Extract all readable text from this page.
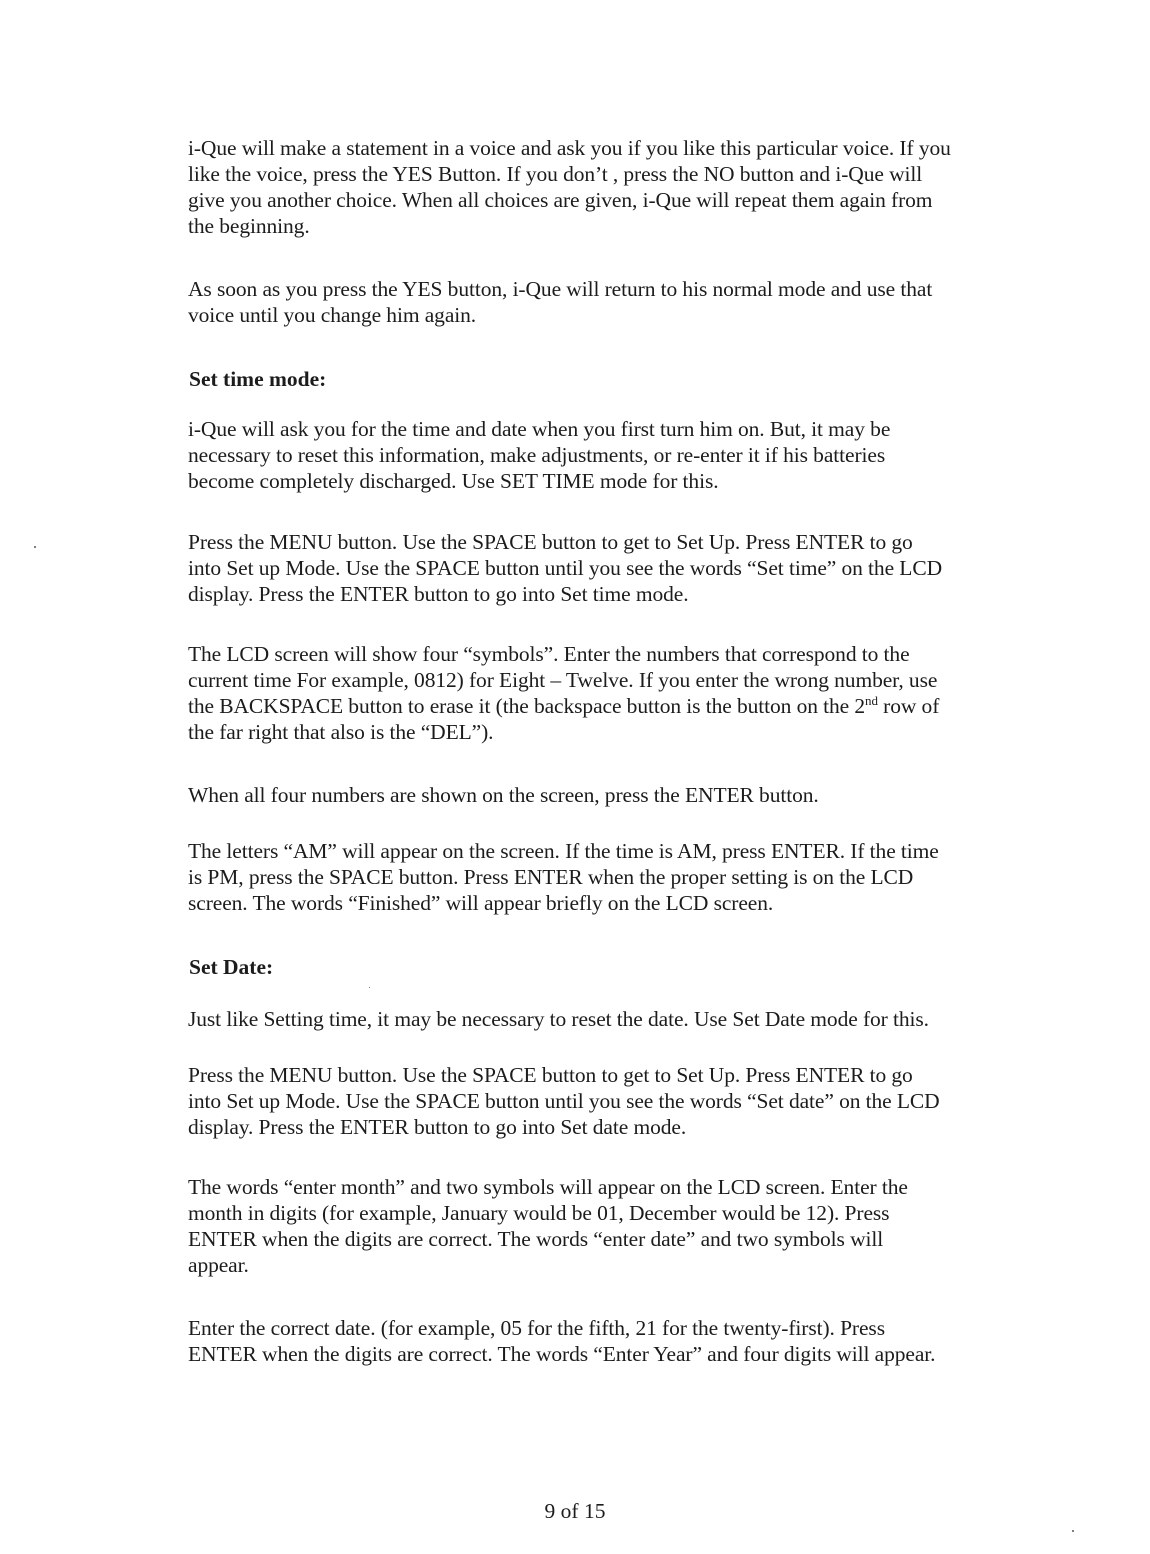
i-Que will make a statement in a voice and ask you if you like this particular voice. If you
like the voice, press the YES Button. If you don’t , press the NO button and i-Que will
give you another choice. When all choices are given, i-Que will repeat them again from
the beginning.

As soon as you press the YES button, i-Que will return to his normal mode and use that
voice until you change him again.

Set time mode:

i-Que will ask you for the time and date when you first turn him on. But, it may be
necessary to reset this information, make adjustments, or re-enter it if his batteries
become completely discharged. Use SET TIME mode for this.

Press the MENU button. Use the SPACE button to get to Set Up. Press ENTER to go
into Set up Mode. Use the SPACE button until you see the words “Set time” on the LCD
display. Press the ENTER button to go into Set time mode.

The LCD screen will show four “symbols”. Enter the numbers that correspond to the
current time For example, 0812) for Eight – Twelve. If you enter the wrong number, use
the BACKSPACE button to erase it (the backspace button is the button on the 2nd row of
the far right that also is the “DEL”).

When all four numbers are shown on the screen, press the ENTER button.

The letters “AM” will appear on the screen. If the time is AM, press ENTER. If the time
is PM, press the SPACE button. Press ENTER when the proper setting is on the LCD
screen. The words “Finished” will appear briefly on the LCD screen.

Set Date:

Just like Setting time, it may be necessary to reset the date. Use Set Date mode for this.

Press the MENU button. Use the SPACE button to get to Set Up. Press ENTER to go
into Set up Mode. Use the SPACE button until you see the words “Set date” on the LCD
display. Press the ENTER button to go into Set date mode.

The words “enter month” and two symbols will appear on the LCD screen. Enter the
month in digits (for example, January would be 01, December would be 12). Press
ENTER when the digits are correct. The words “enter date” and two symbols will
appear.

Enter the correct date. (for example, 05 for the fifth, 21 for the twenty-first). Press
ENTER when the digits are correct. The words “Enter Year” and four digits will appear.

9 of 15
